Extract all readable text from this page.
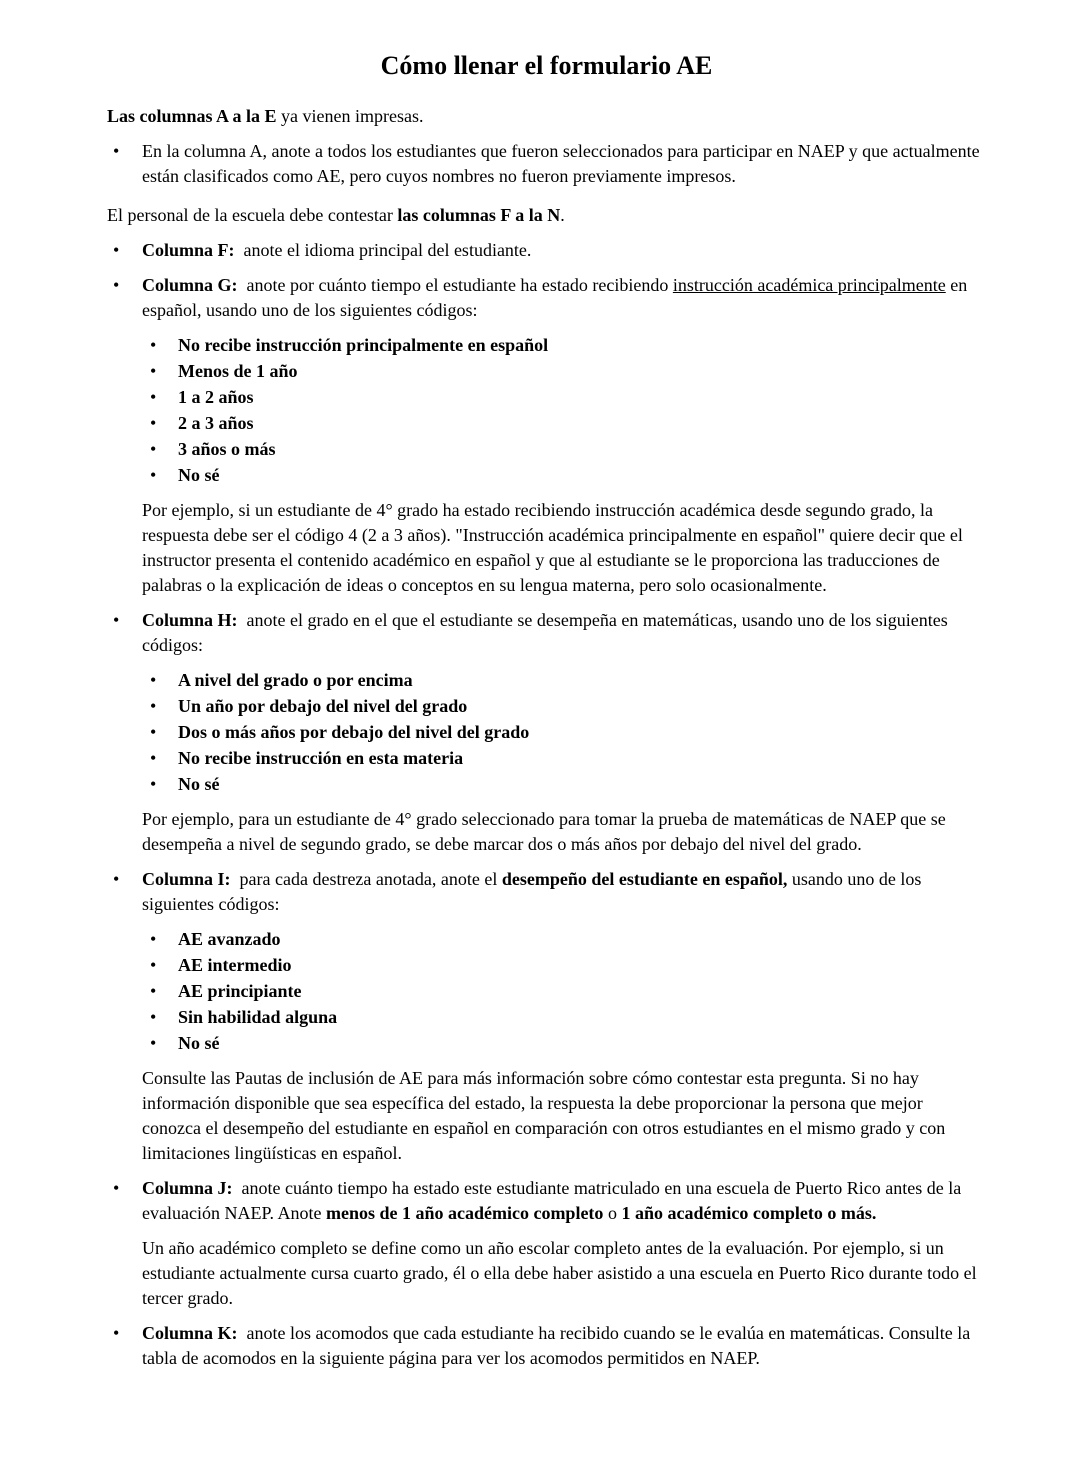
Cómo llenar el formulario AE

Las columnas A a la E ya vienen impresas.

•	En la columna A, anote a todos los estudiantes que fueron seleccionados para participar en NAEP y que actualmente están clasificados como AE, pero cuyos nombres no fueron previamente impresos.

El personal de la escuela debe contestar las columnas F a la N.

•	Columna F:  anote el idioma principal del estudiante.
•	Columna G:  anote por cuánto tiempo el estudiante ha estado recibiendo instrucción académica principalmente en español, usando uno de los siguientes códigos:
•	No recibe instrucción principalmente en español
•	Menos de 1 año
•	1 a 2 años
•	2 a 3 años
•	3 años o más
•	No sé

Por ejemplo, si un estudiante de 4° grado ha estado recibiendo instrucción académica desde segundo grado, la respuesta debe ser el código 4 (2 a 3 años). "Instrucción académica principalmente en español" quiere decir que el instructor presenta el contenido académico en español y que al estudiante se le proporciona las traducciones de palabras o la explicación de ideas o conceptos en su lengua materna, pero solo ocasionalmente.

•	Columna H:  anote el grado en el que el estudiante se desempeña en matemáticas, usando uno de los siguientes códigos:
•	A nivel del grado o por encima
•	Un año por debajo del nivel del grado
•	Dos o más años por debajo del nivel del grado
•	No recibe instrucción en esta materia
•	No sé

Por ejemplo, para un estudiante de 4° grado seleccionado para tomar la prueba de matemáticas de NAEP que se desempeña a nivel de segundo grado, se debe marcar dos o más años por debajo del nivel del grado.

•	Columna I:  para cada destreza anotada, anote el desempeño del estudiante en español, usando uno de los siguientes códigos:
•	AE avanzado
•	AE intermedio
•	AE principiante
•	Sin habilidad alguna
•	No sé

Consulte las Pautas de inclusión de AE para más información sobre cómo contestar esta pregunta. Si no hay información disponible que sea específica del estado, la respuesta la debe proporcionar la persona que mejor conozca el desempeño del estudiante en español en comparación con otros estudiantes en el mismo grado y con limitaciones lingüísticas en español.

•	Columna J:  anote cuánto tiempo ha estado este estudiante matriculado en una escuela de Puerto Rico antes de la evaluación NAEP. Anote menos de 1 año académico completo o 1 año académico completo o más.

Un año académico completo se define como un año escolar completo antes de la evaluación. Por ejemplo, si un estudiante actualmente cursa cuarto grado, él o ella debe haber asistido a una escuela en Puerto Rico durante todo el tercer grado.

•	Columna K:  anote los acomodos que cada estudiante ha recibido cuando se le evalúa en matemáticas. Consulte la tabla de acomodos en la siguiente página para ver los acomodos permitidos en NAEP.
